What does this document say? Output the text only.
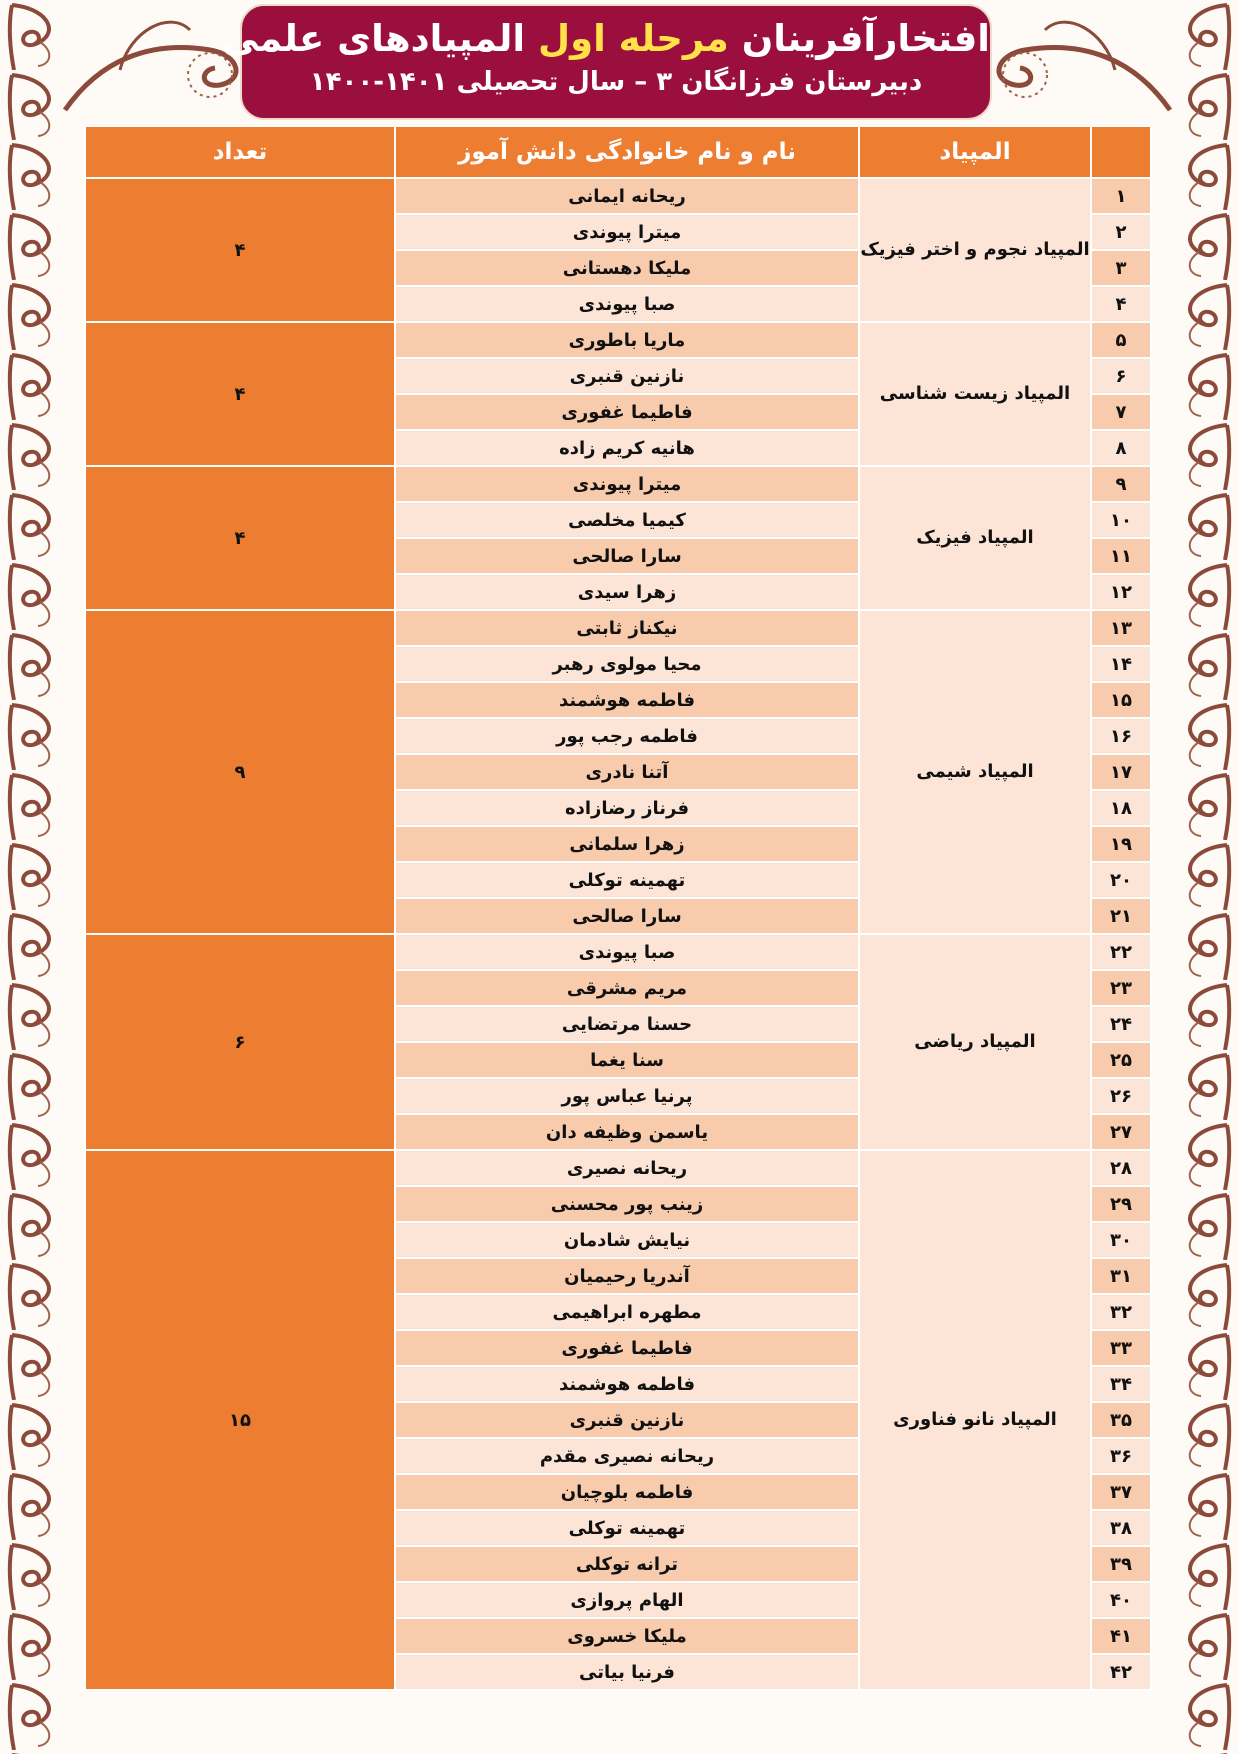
افتخارآفرینان مرحله اول المپیادهای علمی
دبیرستان فرزانگان ۳ – سال تحصیلی ۱۴۰۱-۱۴۰۰
	المپیاد	نام و نام خانوادگی دانش آموز	تعداد
۱	المپیاد نجوم و اختر فیزیک	ریحانه ایمانی	۴
۲		میترا پیوندی	
۳		ملیکا دهستانی	
۴		صبا پیوندی	
۵	المپیاد زیست شناسی	ماریا باطوری	۴
۶		نازنین قنبری	
۷		فاطیما غفوری	
۸		هانیه کریم زاده	
۹	المپیاد فیزیک	میترا پیوندی	۴
۱۰		کیمیا مخلصی	
۱۱		سارا صالحی	
۱۲		زهرا سیدی	
۱۳	المپیاد شیمی	نیکناز ثابتی	۹
۱۴		محیا مولوی رهبر	
۱۵		فاطمه هوشمند	
۱۶		فاطمه رجب پور	
۱۷		آتنا نادری	
۱۸		فرناز رضازاده	
۱۹		زهرا سلمانی	
۲۰		تهمینه توکلی	
۲۱		سارا صالحی	
۲۲	المپیاد ریاضی	صبا پیوندی	۶
۲۳		مریم مشرقی	
۲۴		حسنا مرتضایی	
۲۵		سنا یغما	
۲۶		پرنیا عباس پور	
۲۷		یاسمن وظیفه دان	
۲۸	المپیاد نانو فناوری	ریحانه نصیری	۱۵
۲۹		زینب پور محسنی	
۳۰		نیایش شادمان	
۳۱		آندریا رحیمیان	
۳۲		مطهره ابراهیمی	
۳۳		فاطیما غفوری	
۳۴		فاطمه هوشمند	
۳۵		نازنین قنبری	
۳۶		ریحانه نصیری مقدم	
۳۷		فاطمه بلوچیان	
۳۸		تهمینه توکلی	
۳۹		ترانه توکلی	
۴۰		الهام پروازی	
۴۱		ملیکا خسروی	
۴۲		فرنیا بیاتی	
